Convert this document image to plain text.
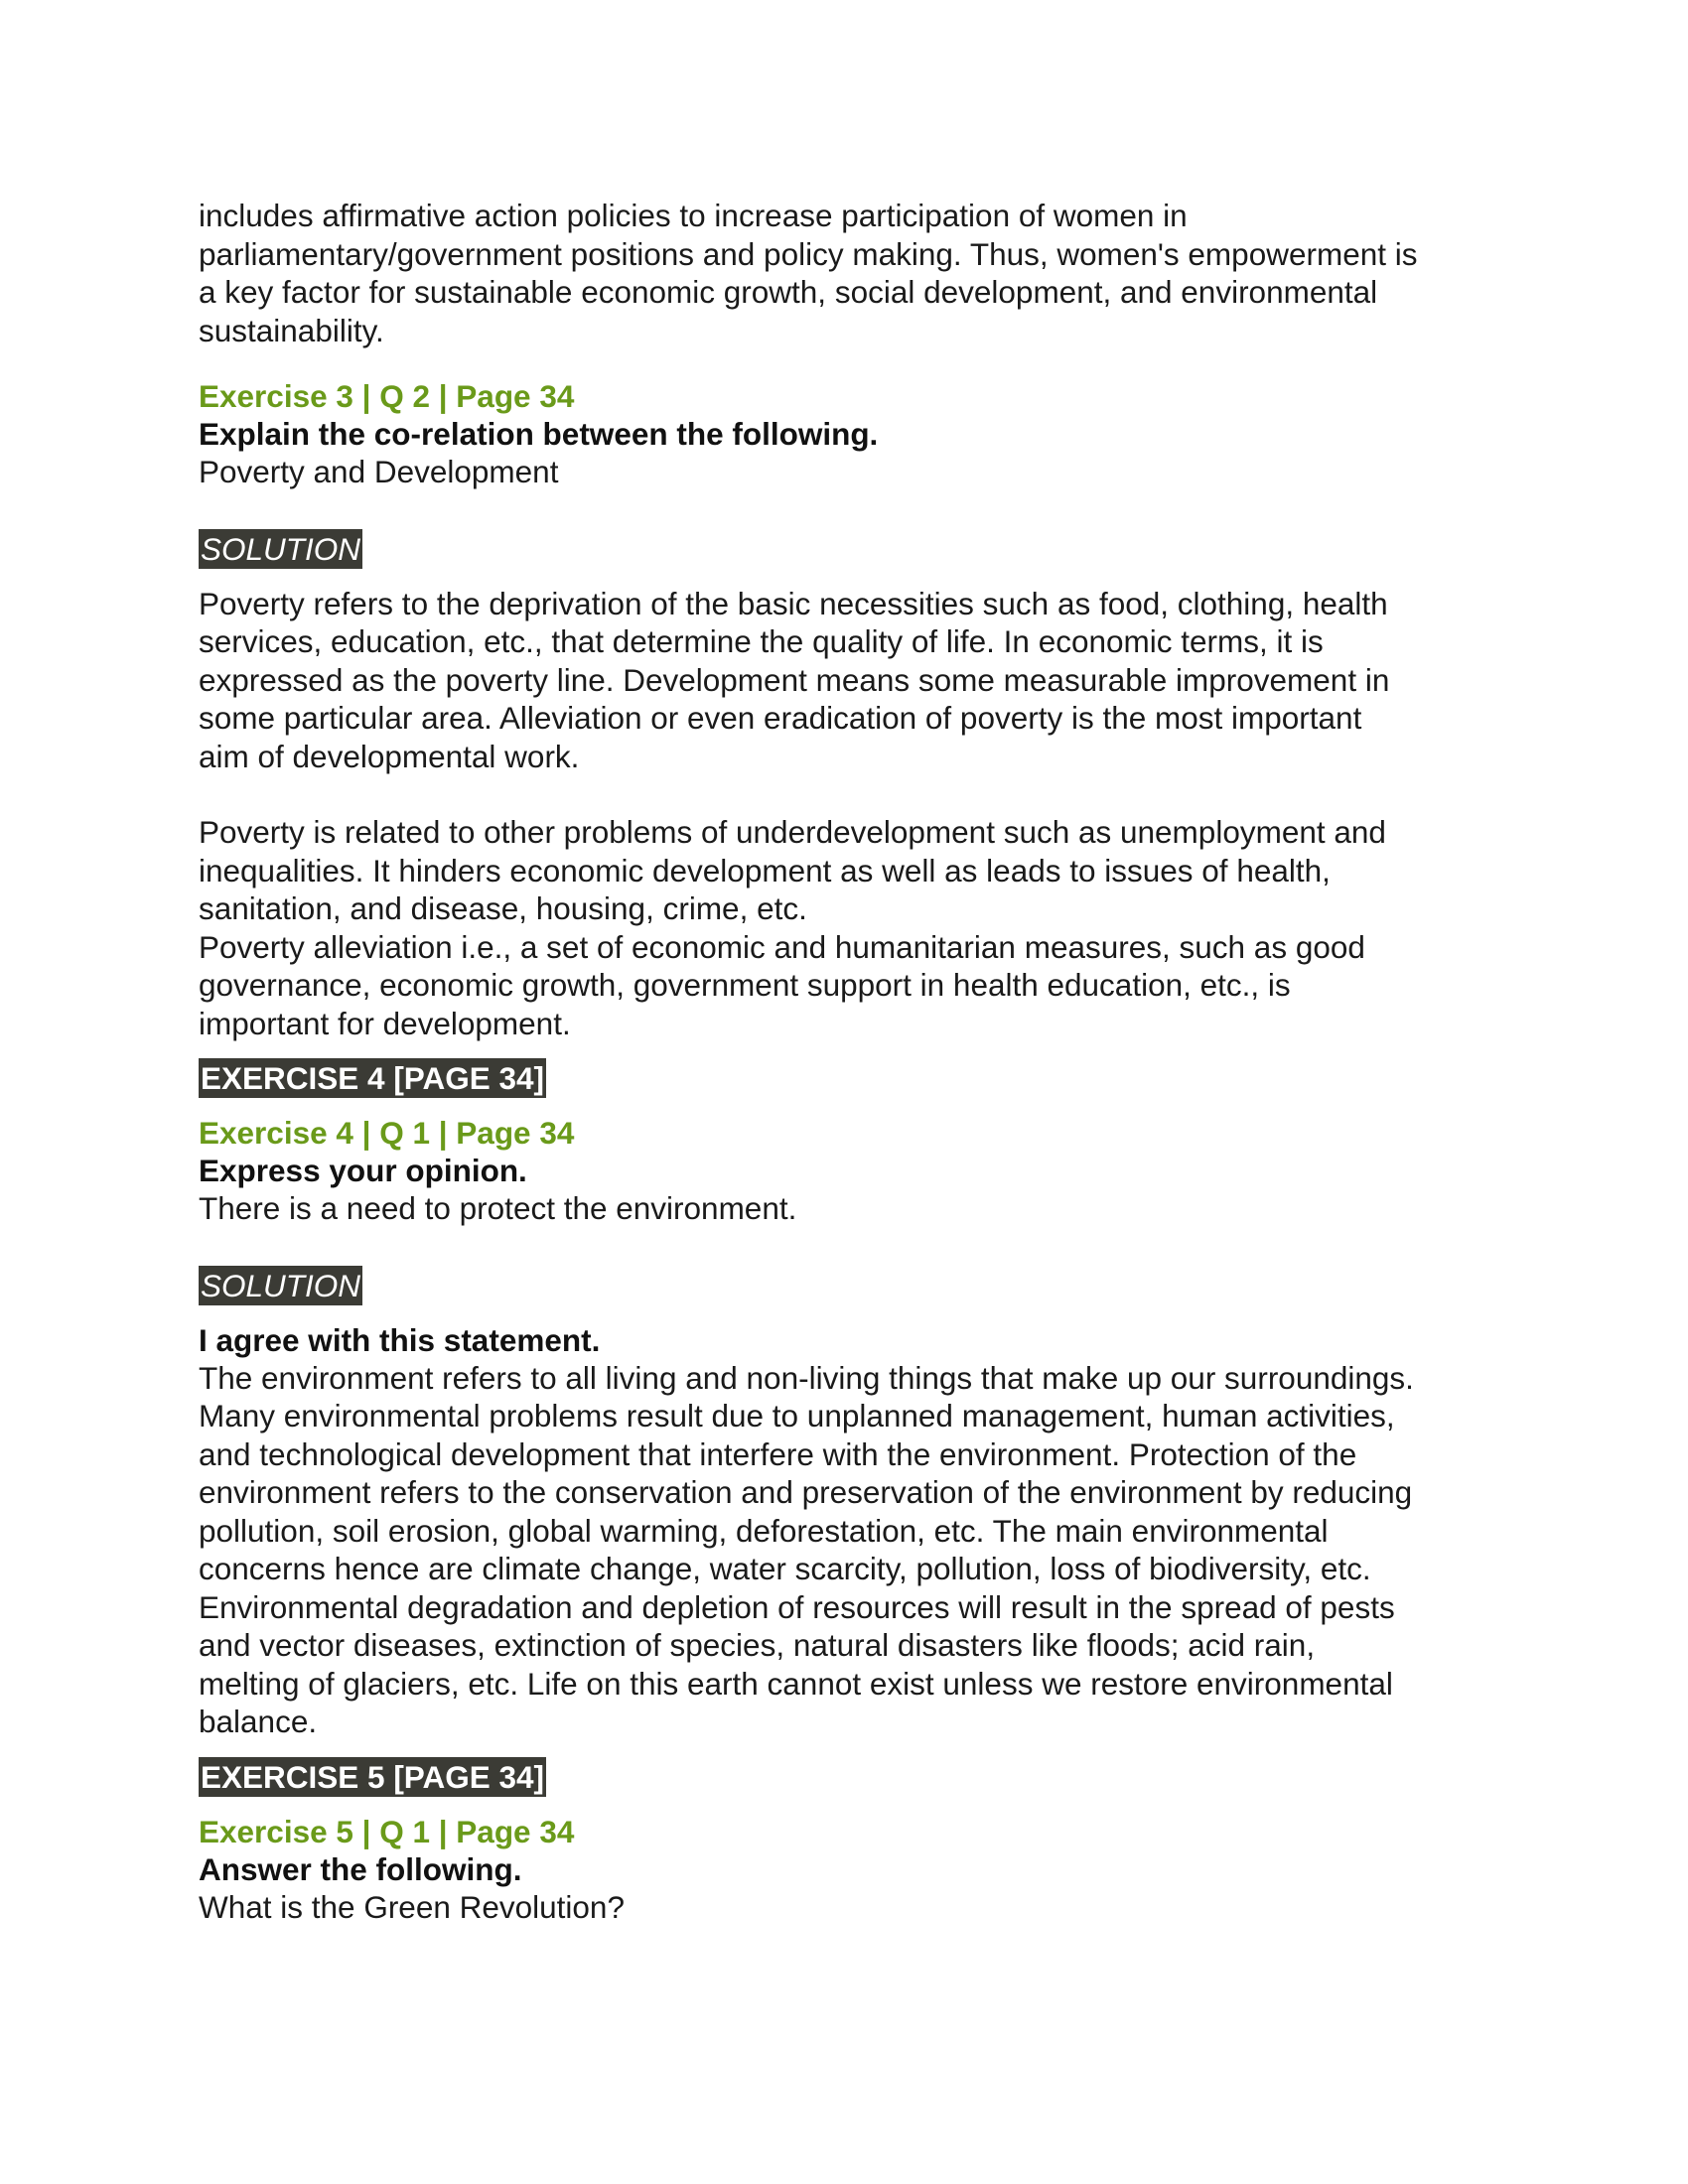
includes affirmative action policies to increase participation of women in
parliamentary/government positions and policy making. Thus, women's empowerment is
a key factor for sustainable economic growth, social development, and environmental
sustainability.

Exercise 3 | Q 2 | Page 34

Explain the co-relation between the following.

Poverty and Development

SOLUTION

Poverty refers to the deprivation of the basic necessities such as food, clothing, health
services, education, etc., that determine the quality of life. In economic terms, it is
expressed as the poverty line. Development means some measurable improvement in
some particular area. Alleviation or even eradication of poverty is the most important
aim of developmental work.

Poverty is related to other problems of underdevelopment such as unemployment and
inequalities. It hinders economic development as well as leads to issues of health,
sanitation, and disease, housing, crime, etc.
Poverty alleviation i.e., a set of economic and humanitarian measures, such as good
governance, economic growth, government support in health education, etc., is
important for development.

EXERCISE 4 [PAGE 34]

Exercise 4 | Q 1 | Page 34

Express your opinion.

There is a need to protect the environment.

SOLUTION

I agree with this statement.

The environment refers to all living and non-living things that make up our surroundings.
Many environmental problems result due to unplanned management, human activities,
and technological development that interfere with the environment. Protection of the
environment refers to the conservation and preservation of the environment by reducing
pollution, soil erosion, global warming, deforestation, etc. The main environmental
concerns hence are climate change, water scarcity, pollution, loss of biodiversity, etc.
Environmental degradation and depletion of resources will result in the spread of pests
and vector diseases, extinction of species, natural disasters like floods; acid rain,
melting of glaciers, etc. Life on this earth cannot exist unless we restore environmental
balance.

EXERCISE 5 [PAGE 34]

Exercise 5 | Q 1 | Page 34

Answer the following.

What is the Green Revolution?
